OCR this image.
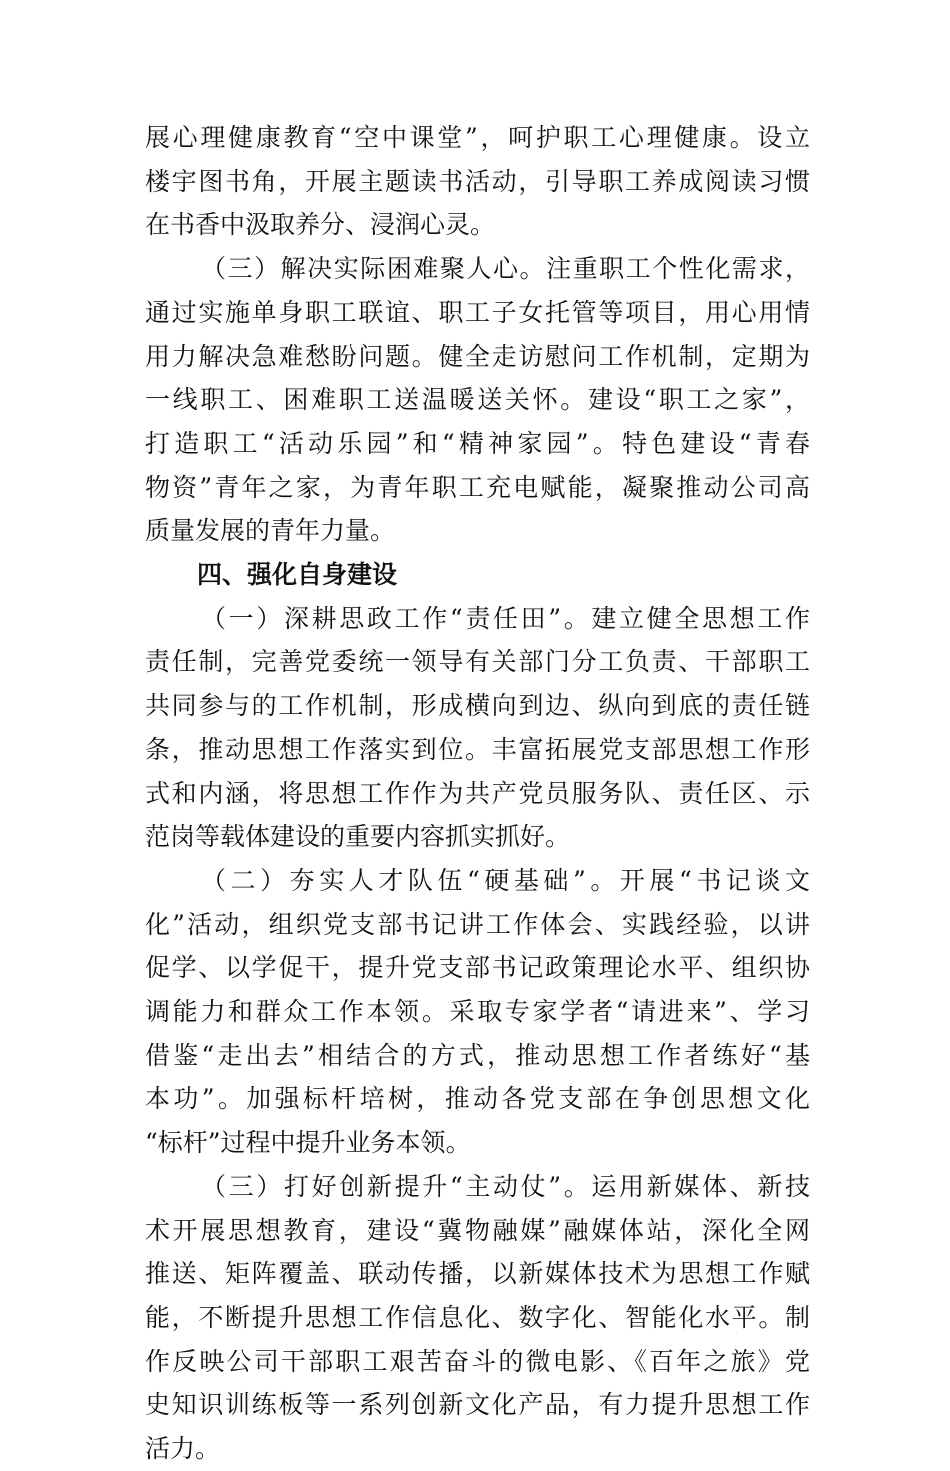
展心理健康教育“空中课堂”，呵护职工心理健康。设立
楼宇图书角，开展主题读书活动，引导职工养成阅读习惯
在书香中汲取养分、浸润心灵。
（三）解决实际困难聚人心。注重职工个性化需求，
通过实施单身职工联谊、职工子女托管等项目，用心用情
用力解决急难愁盼问题。健全走访慰问工作机制，定期为
一线职工、困难职工送温暖送关怀。建设“职工之家”，
打造职工“活动乐园”和“精神家园”。特色建设“青春
物资”青年之家，为青年职工充电赋能，凝聚推动公司高
质量发展的青年力量。
四、强化自身建设
（一）深耕思政工作“责任田”。建立健全思想工作
责任制，完善党委统一领导有关部门分工负责、干部职工
共同参与的工作机制，形成横向到边、纵向到底的责任链
条，推动思想工作落实到位。丰富拓展党支部思想工作形
式和内涵，将思想工作作为共产党员服务队、责任区、示
范岗等载体建设的重要内容抓实抓好。
（二）夯实人才队伍“硬基础”。开展“书记谈文
化”活动，组织党支部书记讲工作体会、实践经验，以讲
促学、以学促干，提升党支部书记政策理论水平、组织协
调能力和群众工作本领。采取专家学者“请进来”、学习
借鉴“走出去”相结合的方式，推动思想工作者练好“基
本功”。加强标杆培树，推动各党支部在争创思想文化
“标杆”过程中提升业务本领。
（三）打好创新提升“主动仗”。运用新媒体、新技
术开展思想教育，建设“冀物融媒”融媒体站，深化全网
推送、矩阵覆盖、联动传播，以新媒体技术为思想工作赋
能，不断提升思想工作信息化、数字化、智能化水平。制
作反映公司干部职工艰苦奋斗的微电影、《百年之旅》党
史知识训练板等一系列创新文化产品，有力提升思想工作
活力。
